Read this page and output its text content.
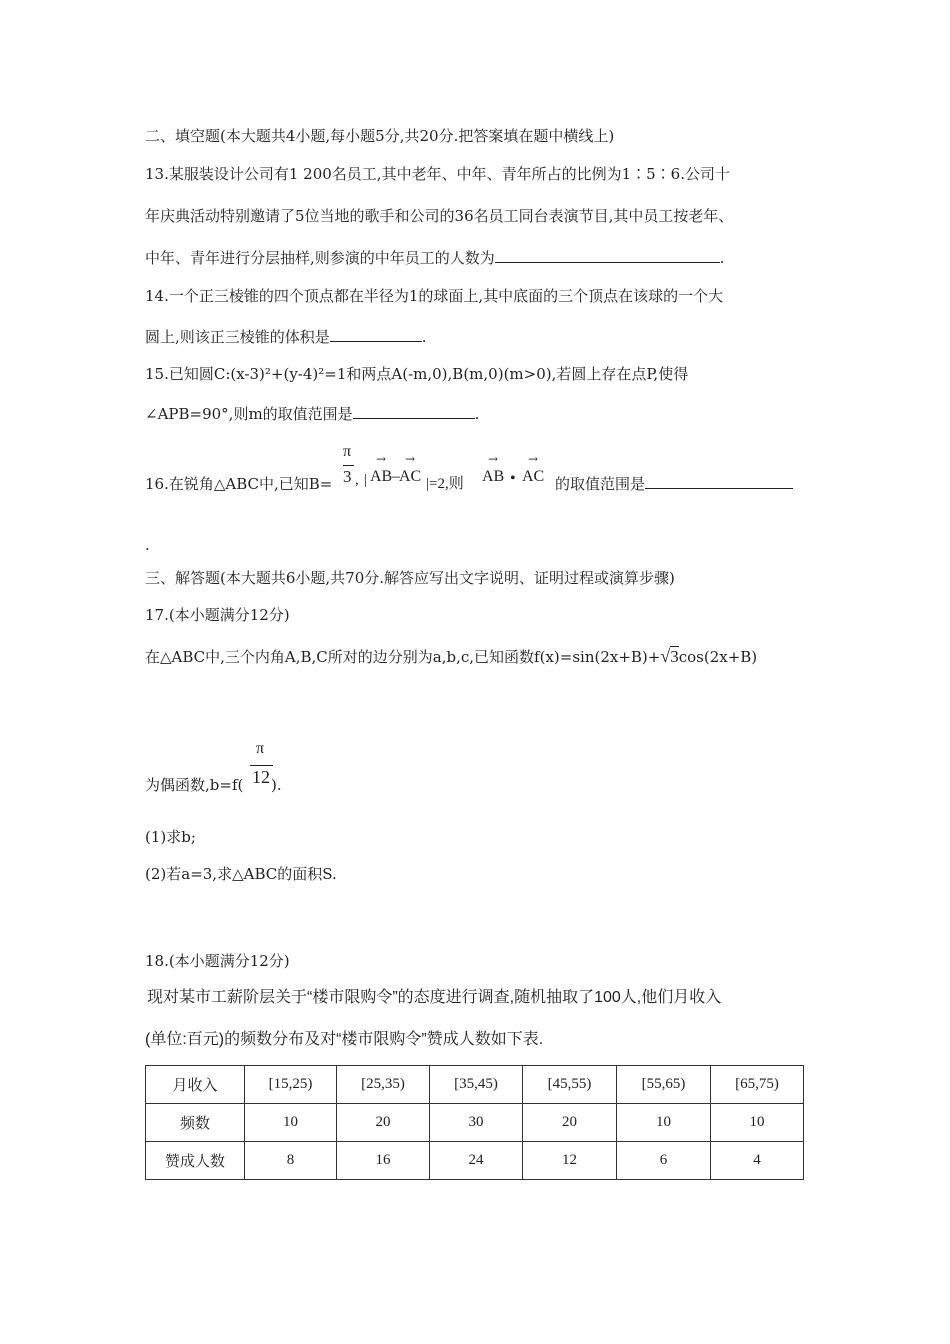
二、填空题(本大题共4小题,每小题5分,共20分.把答案填在题中横线上)
13.某服装设计公司有1 200名员工,其中老年、中年、青年所占的比例为1∶5∶6.公司十
年庆典活动特别邀请了5位当地的歌手和公司的36名员工同台表演节目,其中员工按老年、
中年、青年进行分层抽样,则参演的中年员工的人数为	.
14.一个正三棱锥的四个顶点都在半径为1的球面上,其中底面的三个顶点在该球的一个大
圆上,则该正三棱锥的体积是	.
15.已知圆C:(x-3)²+(y-4)²=1和两点A(-m,0),B(m,0)(m>0),若圆上存在点P,使得
∠APB=90°,则m的取值范围是	.
16.在锐角△ABC中,已知B=
π
3 , |
→
AB –
→
AC |=2,则
→
AB •
→
AC 的取值范围是
.
三、解答题(本大题共6小题,共70分.解答应写出文字说明、证明过程或演算步骤)
17.(本小题满分12分)
在△ABC中,三个内角A,B,C所对的边分别为a,b,c,已知函数f(x)=sin(2x+B)+√3cos(2x+B)
为偶函数,b=f(
π
12 ).
(1)求b;
(2)若a=3,求△ABC的面积S.
18.(本小题满分12分)
现对某市工薪阶层关于“楼市限购令”的态度进行调查,随机抽取了100人,他们月收入
(单位:百元)的频数分布及对“楼市限购令”赞成人数如下表.
月收入	[15,25)	[25,35)	[35,45)	[45,55)	[55,65)	[65,75)
频数	10	20	30	20	10	10
赞成人数	8	16	24	12	6	4
